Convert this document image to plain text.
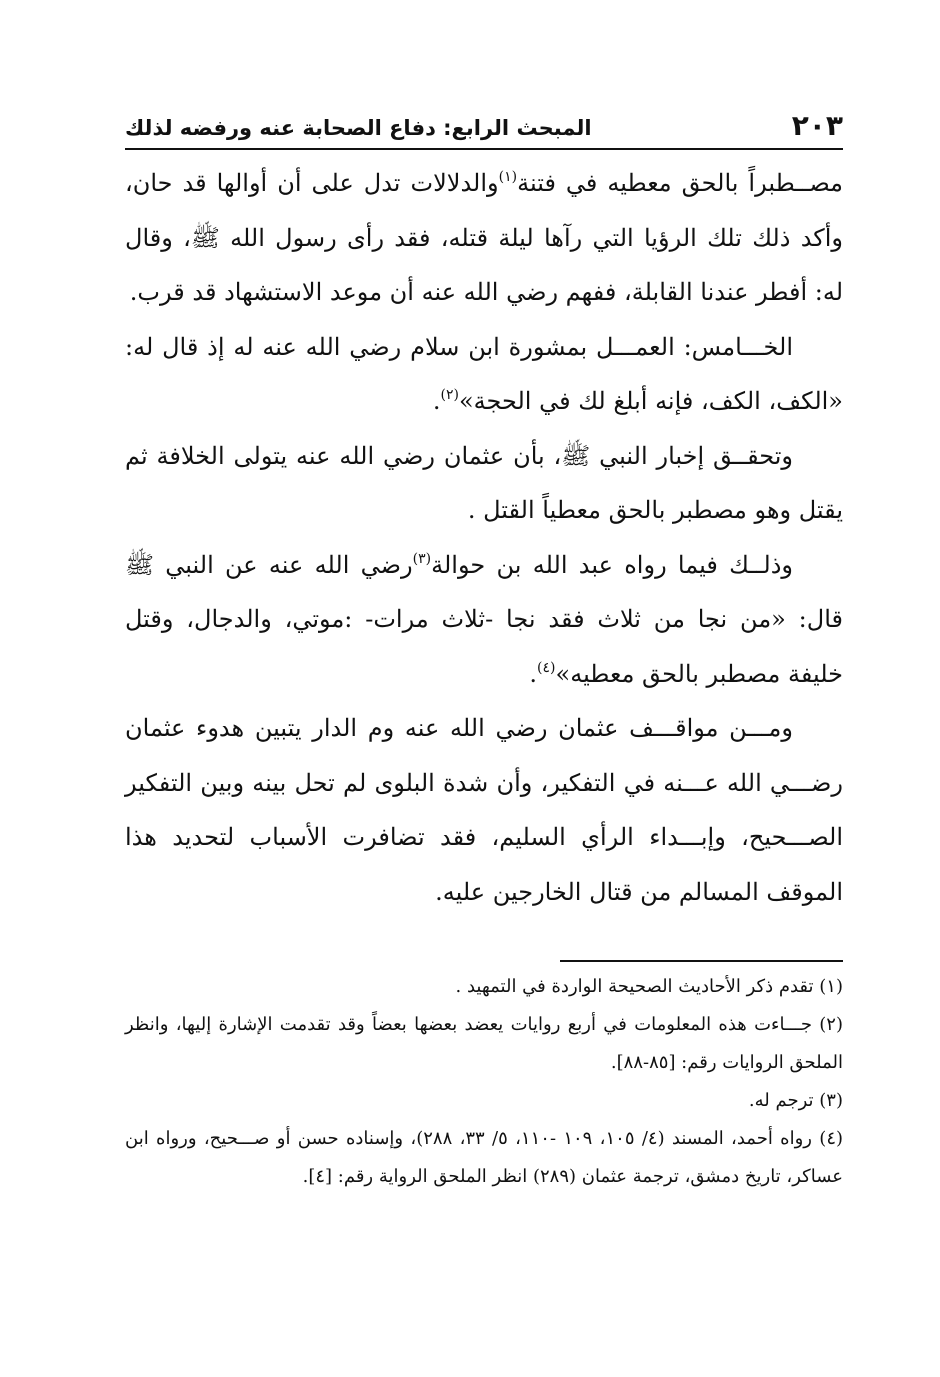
٢٠٣
المبحث الرابع: دفاع الصحابة عنه ورفضه لذلك

مصــطبراً بالحق معطيه في فتنة$^{(١)}$والدلالات تدل على أن أوالها قد حان، وأكد ذلك تلك الرؤيا التي رآها ليلة قتله، فقد رأى رسول الله ﷺ، وقال له: أفطر عندنا القابلة، ففهم رضي الله عنه أن موعد الاستشهاد قد قرب.

الخـــامس: العمـــل بمشورة ابن سلام رضي الله عنه له إذ قال له: «الكف، الكف، فإنه أبلغ لك في الحجة»$^{(٢)}$.

وتحقــق إخبار النبي ﷺ، بأن عثمان رضي الله عنه يتولى الخلافة ثم يقتل وهو مصطبر بالحق معطياً القتل .

وذلــك فيما رواه عبد الله بن حوالة$^{(٣)}$رضي الله عنه عن النبي ﷺ قال: «من نجا من ثلاث فقد نجا -ثلاث مرات- :موتي، والدجال، وقتل خليفة مصطبر بالحق معطيه»$^{(٤)}$.

ومـــن مواقـــف عثمان رضي الله عنه وم الدار يتبين هدوء عثمان رضـــي الله عـــنه في التفكير، وأن شدة البلوى لم تحل بينه وبين التفكير الصـــحيح، وإبـــداء الرأي السليم، فقد تضافرت الأسباب لتحديد هذا الموقف المسالم من قتال الخارجين عليه.

(١) تقدم ذكر الأحاديث الصحيحة الواردة في التمهيد .

(٢) جـــاءت هذه المعلومات في أربع روايات يعضد بعضها بعضاً وقد تقدمت الإشارة إليها، وانظر الملحق الروايات رقم: [٨٥-٨٨].

(٣) ترجم له.

(٤) رواه أحمد، المسند (٤/ ١٠٥، ١٠٩ -١١٠، ٥/ ٣٣، ٢٨٨)، وإسناده حسن أو صـــحيح، ورواه ابن عساكر، تاريخ دمشق، ترجمة عثمان (٢٨٩) انظر الملحق الرواية رقم: [٤].
